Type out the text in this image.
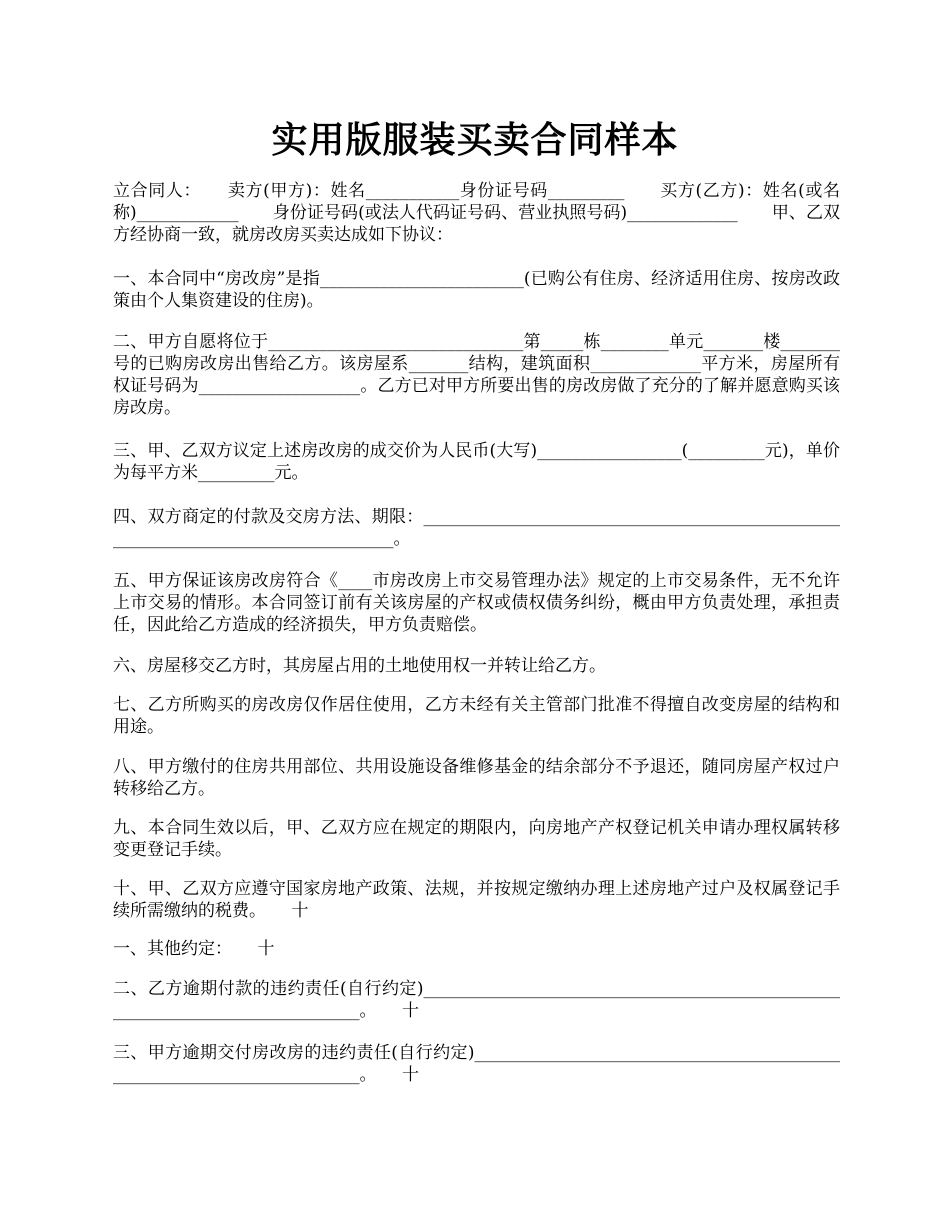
实用版服装买卖合同样本

立合同人：　　卖方(甲方)：姓名___________身份证号码_________　　买方(乙方)：姓名(或名称)____________　　身份证号码(或法人代码证号码、营业执照号码)_____________　　甲、乙双方经协商一致，就房改房买卖达成如下协议：

一、本合同中“房改房”是指________________________(已购公有住房、经济适用住房、按房改政策由个人集资建设的住房)。

二、甲方自愿将位于______________________________第_____栋________单元_______楼_______号的已购房改房出售给乙方。该房屋系_______结构，建筑面积_____________平方米，房屋所有权证号码为___________________。乙方已对甲方所要出售的房改房做了充分的了解并愿意购买该房改房。

三、甲、乙双方议定上述房改房的成交价为人民币(大写)_________________(_________元)，单价为每平方米_________元。

四、双方商定的付款及交房方法、期限：__________________________________________________________________________________。

五、甲方保证该房改房符合《____市房改房上市交易管理办法》规定的上市交易条件，无不允许上市交易的情形。本合同签订前有关该房屋的产权或债权债务纠纷，概由甲方负责处理，承担责任，因此给乙方造成的经济损失，甲方负责赔偿。

六、房屋移交乙方时，其房屋占用的土地使用权一并转让给乙方。

七、乙方所购买的房改房仅作居住使用，乙方未经有关主管部门批准不得擅自改变房屋的结构和用途。

八、甲方缴付的住房共用部位、共用设施设备维修基金的结余部分不予退还，随同房屋产权过户转移给乙方。

九、本合同生效以后，甲、乙双方应在规定的期限内，向房地产产权登记机关申请办理权属转移变更登记手续。

十、甲、乙双方应遵守国家房地产政策、法规，并按规定缴纳办理上述房地产过户及权属登记手续所需缴纳的税费。　　十

一、其他约定：　　十

二、乙方逾期付款的违约责任(自行约定)______________________________________________________________________________。　　十

三、甲方逾期交付房改房的违约责任(自行约定)________________________________________________________________________。　　十
